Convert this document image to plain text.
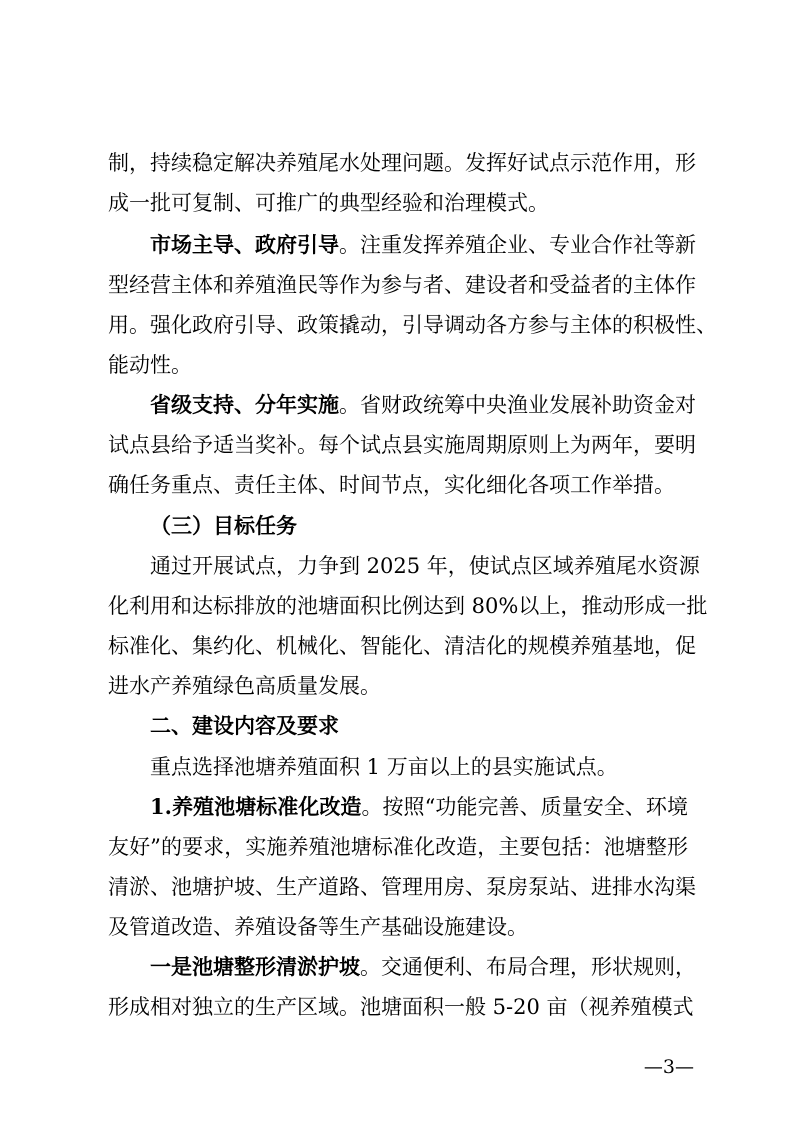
制，持续稳定解决养殖尾水处理问题。发挥好试点示范作用，形
成一批可复制、可推广的典型经验和治理模式。
市场主导、政府引导。注重发挥养殖企业、专业合作社等新
型经营主体和养殖渔民等作为参与者、建设者和受益者的主体作
用。强化政府引导、政策撬动，引导调动各方参与主体的积极性、
能动性。
省级支持、分年实施。省财政统筹中央渔业发展补助资金对
试点县给予适当奖补。每个试点县实施周期原则上为两年，要明
确任务重点、责任主体、时间节点，实化细化各项工作举措。
（三）目标任务
通过开展试点，力争到 2025 年，使试点区域养殖尾水资源
化利用和达标排放的池塘面积比例达到 80%以上，推动形成一批
标准化、集约化、机械化、智能化、清洁化的规模养殖基地，促
进水产养殖绿色高质量发展。
二、建设内容及要求
重点选择池塘养殖面积 1 万亩以上的县实施试点。
1.养殖池塘标准化改造。按照“功能完善、质量安全、环境
友好”的要求，实施养殖池塘标准化改造，主要包括：池塘整形
清淤、池塘护坡、生产道路、管理用房、泵房泵站、进排水沟渠
及管道改造、养殖设备等生产基础设施建设。
一是池塘整形清淤护坡。交通便利、布局合理，形状规则，
形成相对独立的生产区域。池塘面积一般 5-20 亩（视养殖模式
—3—
